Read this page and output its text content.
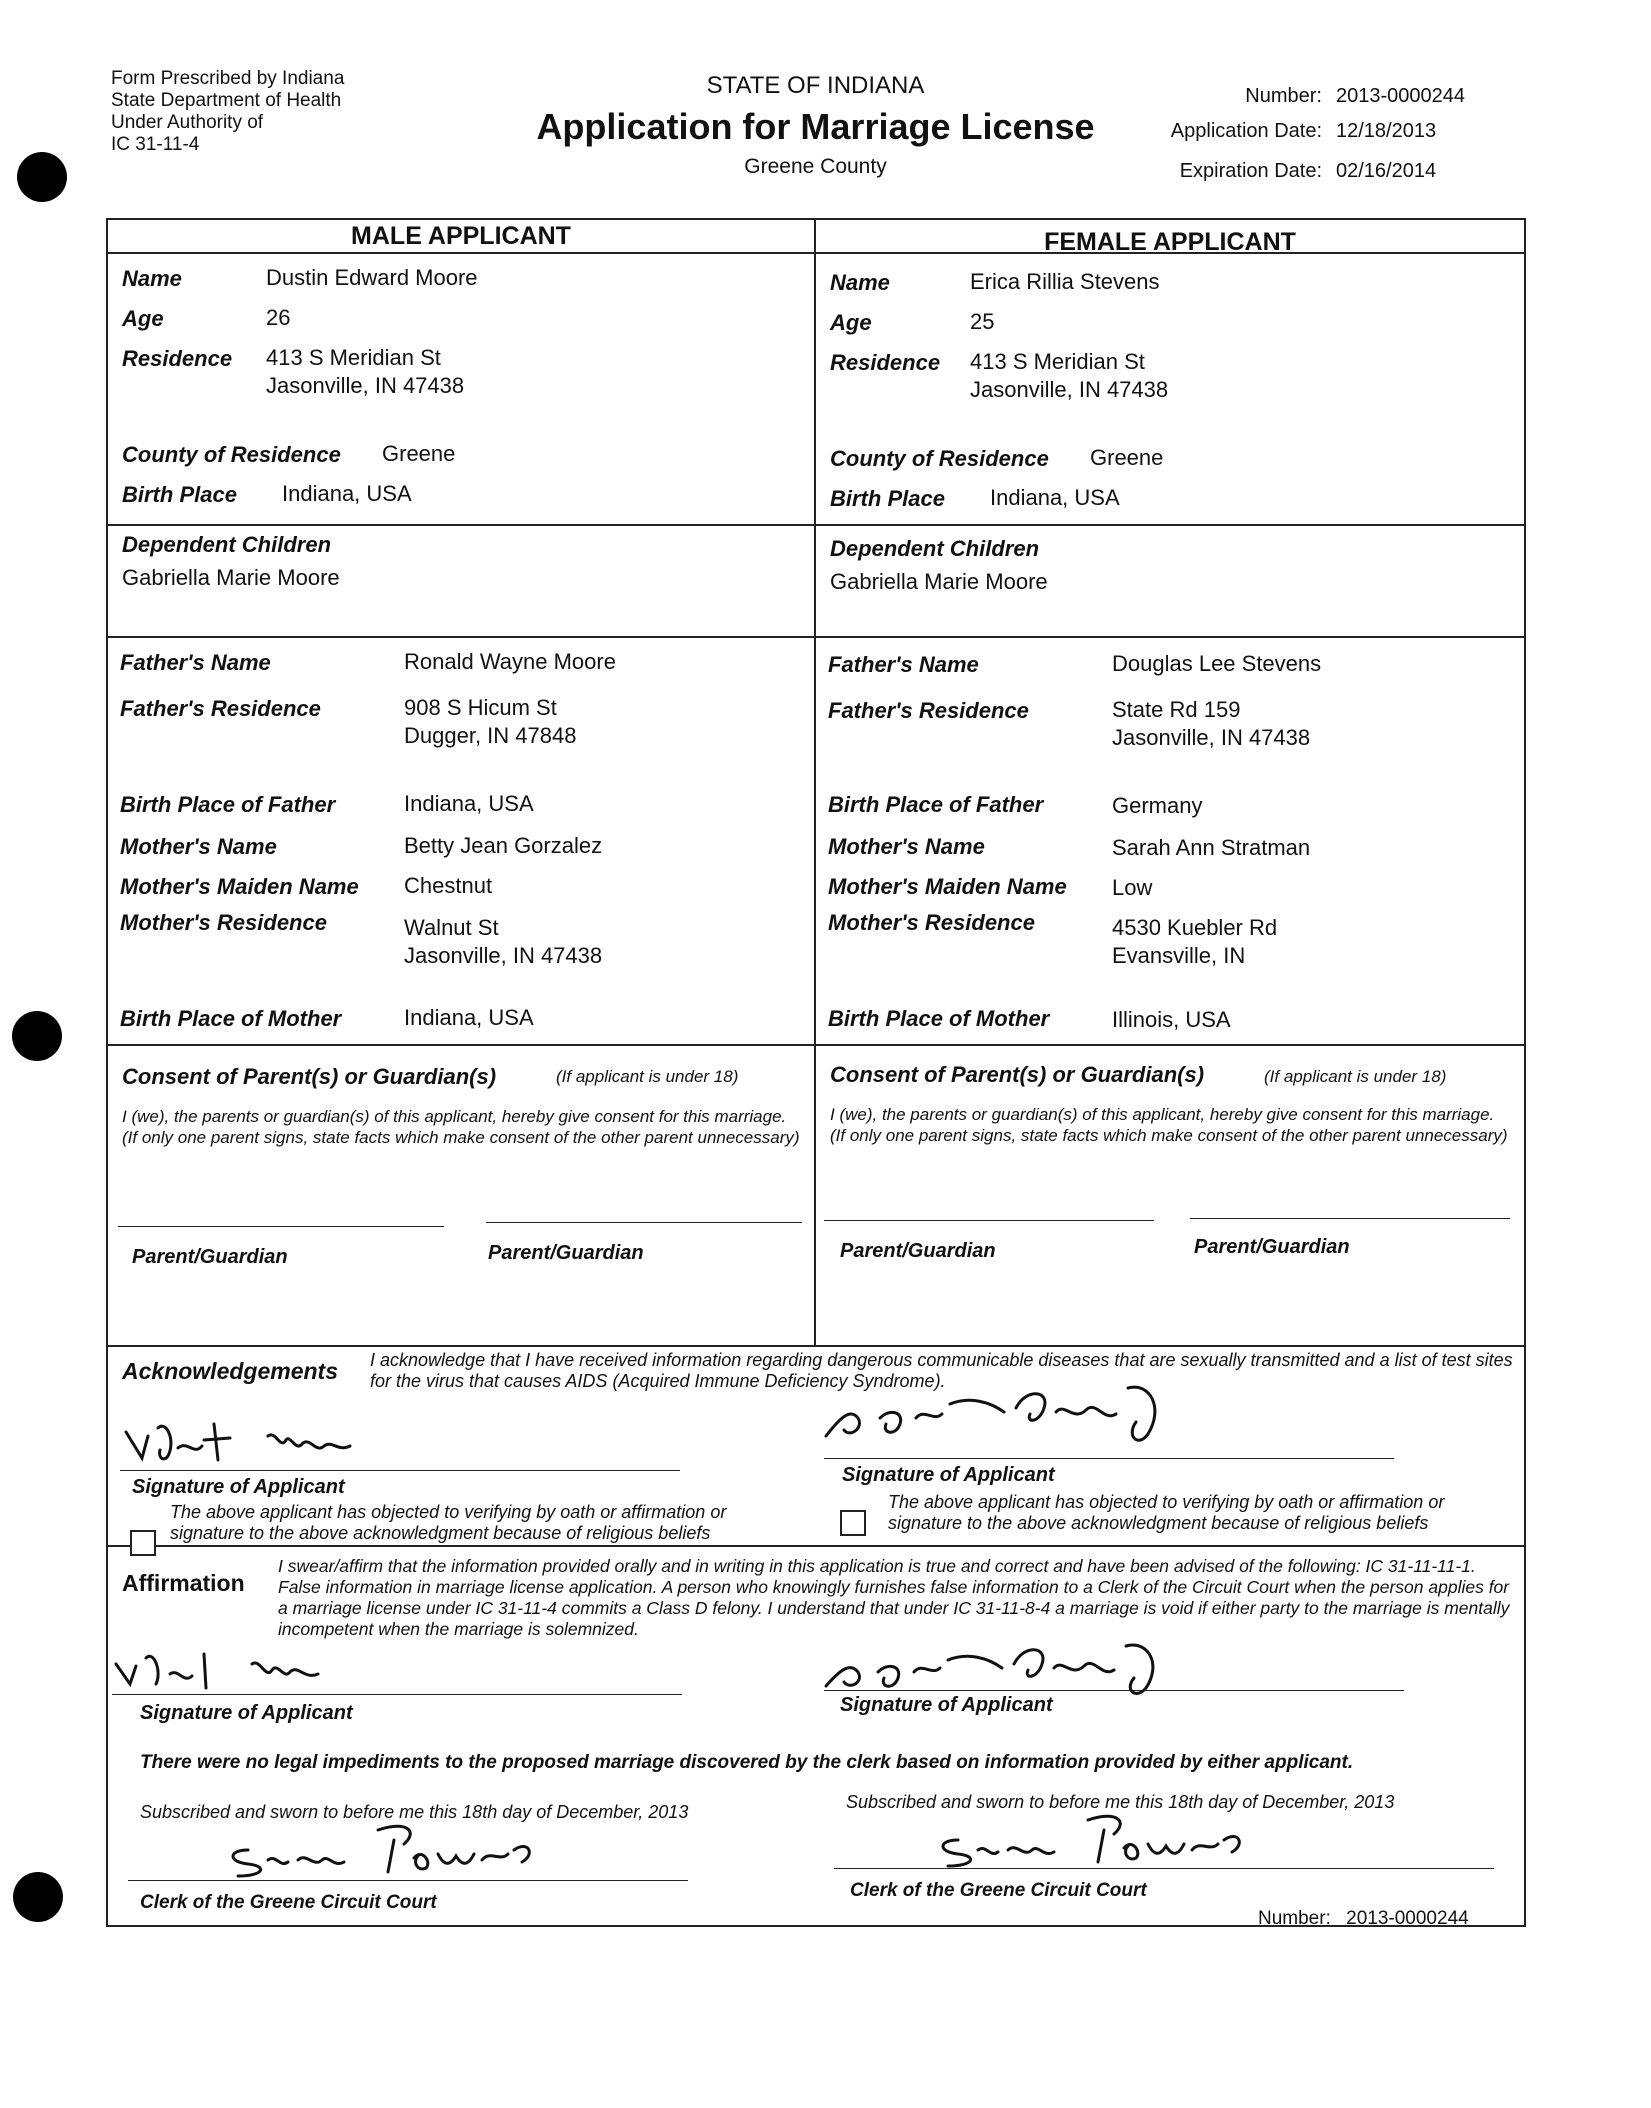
Form Prescribed by Indiana
State Department of Health
Under Authority of
IC 31-11-4
STATE OF INDIANA
Application for Marriage License
Greene County
Number: 2013-0000244
Application Date: 12/18/2013
Expiration Date: 02/16/2014
MALE APPLICANT	FEMALE APPLICANT
Name	Dustin Edward Moore
Age	26
Residence 413 S Meridian St
Jasonville, IN 47438
County of Residence Greene
Birth Place Indiana, USA
Dependent Children
Gabriella Marie Moore
Father's Name	Ronald Wayne Moore
Father's Residence	908 S Hicum St
Dugger, IN 47848
Birth Place of Father	Indiana, USA
Mother's Name	Betty Jean Gorzalez
Mother's Maiden Name Chestnut
Mother's Residence	Walnut St
Jasonville, IN 47438
Birth Place of Mother	Indiana, USA
Name	Erica Rillia Stevens
Age	25
Residence 413 S Meridian St
Jasonville, IN 47438
County of Residence Greene
Birth Place Indiana, USA
Dependent Children
Gabriella Marie Moore
Father's Name	Douglas Lee Stevens
Father's Residence	State Rd 159
Jasonville, IN 47438
Birth Place of Father	Germany
Mother's Name	Sarah Ann Stratman
Mother's Maiden Name Low
Mother's Residence	4530 Kuebler Rd
Evansville, IN
Birth Place of Mother	Illinois, USA
Consent of Parent(s) or Guardian(s)	(If applicant is under 18)
I (we), the parents or guardian(s) of this applicant, hereby give consent for this marriage. (If only one parent signs, state facts which make consent of the other parent unnecessary)
Parent/Guardian	Parent/Guardian
Consent of Parent(s) or Guardian(s)	(If applicant is under 18)
I (we), the parents or guardian(s) of this applicant, hereby give consent for this marriage. (If only one parent signs, state facts which make consent of the other parent unnecessary)
Parent/Guardian	Parent/Guardian
Acknowledgements I acknowledge that I have received information regarding dangerous communicable diseases that are sexually transmitted and a list of test sites for the virus that causes AIDS (Acquired Immune Deficiency Syndrome).
Signature of Applicant
The above applicant has objected to verifying by oath or affirmation or signature to the above acknowledgment because of religious beliefs
Signature of Applicant
The above applicant has objected to verifying by oath or affirmation or signature to the above acknowledgment because of religious beliefs
Affirmation
I swear/affirm that the information provided orally and in writing in this application is true and correct and have been advised of the following: IC 31-11-11-1. False information in marriage license application. A person who knowingly furnishes false information to a Clerk of the Circuit Court when the person applies for a marriage license under IC 31-11-4 commits a Class D felony. I understand that under IC 31-11-8-4 a marriage is void if either party to the marriage is mentally incompetent when the marriage is solemnized.
Signature of Applicant	Signature of Applicant
There were no legal impediments to the proposed marriage discovered by the clerk based on information provided by either applicant.
Subscribed and sworn to before me this 18th day of December, 2013
Clerk of the Greene Circuit Court
Subscribed and sworn to before me this 18th day of December, 2013
Clerk of the Greene Circuit Court
Number: 2013-0000244
